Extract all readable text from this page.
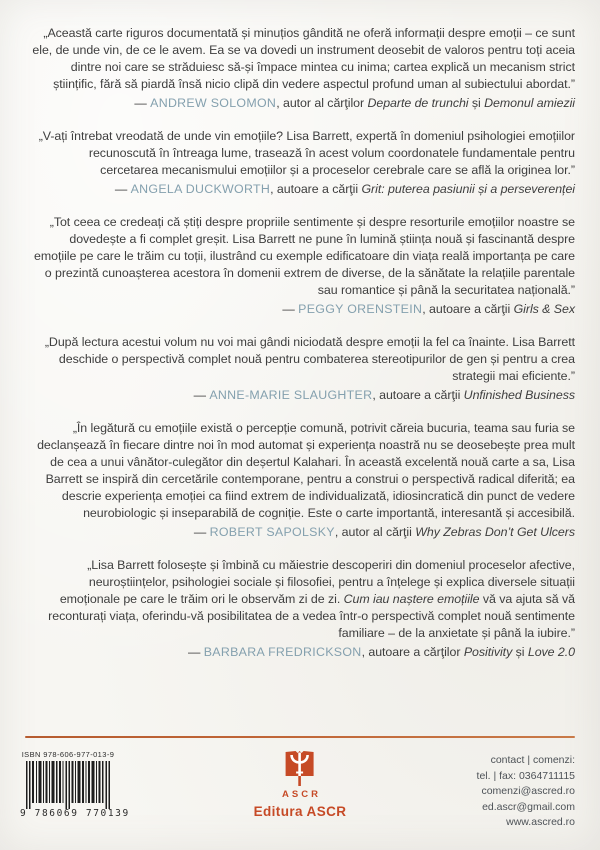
„Această carte riguros documentată și minuțios gândită ne oferă informații despre emoții – ce sunt ele, de unde vin, de ce le avem. Ea se va dovedi un instrument deosebit de valoros pentru toți aceia dintre noi care se străduiesc să-și împace mintea cu inima; cartea explică un mecanism strict științific, fără să piardă însă nicio clipă din vedere aspectul profund uman al subiectului abordat.”

— ANDREW SOLOMON, autor al cărţilor Departe de trunchi și Demonul amiezii

„V-ați întrebat vreodată de unde vin emoțiile? Lisa Barrett, expertă în domeniul psihologiei emoțiilor recunoscută în întreaga lume, trasează în acest volum coordonatele fundamentale pentru cercetarea mecanismului emoțiilor și a proceselor cerebrale care se află la originea lor.”

— ANGELA DUCKWORTH, autoare a cărţii Grit: puterea pasiunii și a perseverenței

„Tot ceea ce credeați că știți despre propriile sentimente și despre resorturile emoțiilor noastre se dovedește a fi complet greșit. Lisa Barrett ne pune în lumină știința nouă și fascinantă despre emoțiile pe care le trăim cu toții, ilustrând cu exemple edificatoare din viața reală importanța pe care o prezintă cunoașterea acestora în domenii extrem de diverse, de la sănătate la relațiile parentale sau romantice și până la securitatea națională.”

— PEGGY ORENSTEIN, autoare a cărţii Girls & Sex

„După lectura acestui volum nu voi mai gândi niciodată despre emoții la fel ca înainte. Lisa Barrett deschide o perspectivă complet nouă pentru combaterea stereotipurilor de gen și pentru a crea strategii mai eficiente.”

— ANNE-MARIE SLAUGHTER, autoare a cărţii Unfinished Business

„În legătură cu emoțiile există o percepție comună, potrivit căreia bucuria, teama sau furia se declanșează în fiecare dintre noi în mod automat și experiența noastră nu se deosebește prea mult de cea a unui vânător-culegător din deșertul Kalahari. În această excelentă nouă carte a sa, Lisa Barrett se inspiră din cercetările contemporane, pentru a construi o perspectivă radical diferită; ea descrie experiența emoției ca fiind extrem de individualizată, idiosincratică din punct de vedere neurobiologic și inseparabilă de cogniție. Este o carte importantă, interesantă și accesibilă.

— ROBERT SAPOLSKY, autor al cărţii Why Zebras Don’t Get Ulcers

„Lisa Barrett folosește și îmbină cu măiestrie descoperiri din domeniul proceselor afective, neuroștiințelor, psihologiei sociale și filosofiei, pentru a înțelege și explica diversele situații emoționale pe care le trăim ori le observăm zi de zi. Cum iau naștere emoțiile vă va ajuta să vă reconturați viața, oferindu-vă posibilitatea de a vedea într-o perspectivă complet nouă sentimente familiare – de la anxietate și până la iubire.”

— BARBARA FREDRICKSON, autoare a cărţilor Positivity și Love 2.0

ISBN 978-606-977-013-9
9 786069 770139
ASCR
Editura ASCR
contact | comenzi:
tel. | fax: 0364711115
comenzi@ascred.ro
ed.ascr@gmail.com
www.ascred.ro
